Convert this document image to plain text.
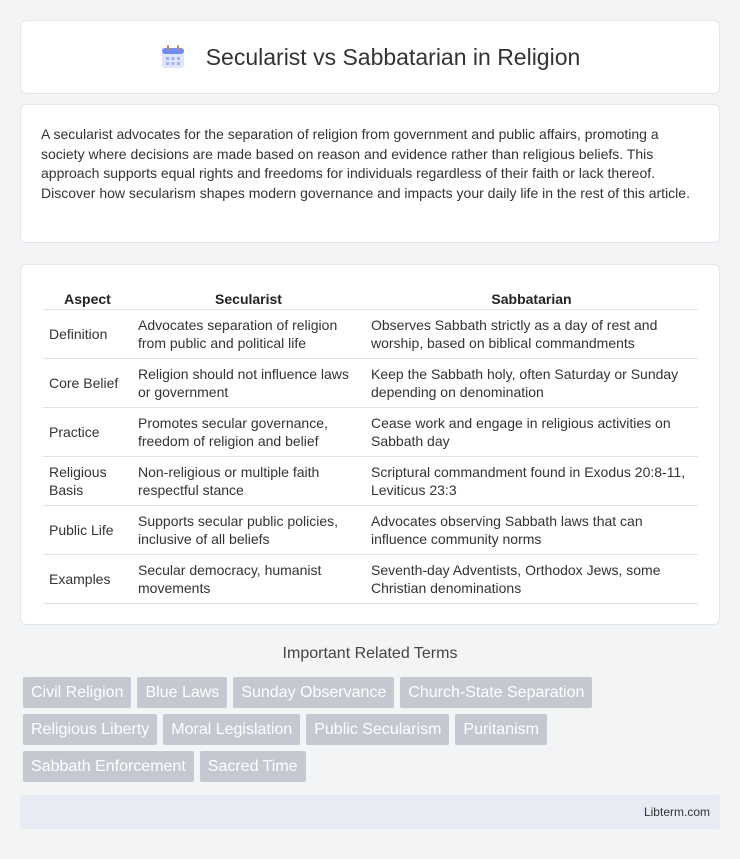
Secularist vs Sabbatarian in Religion

A secularist advocates for the separation of religion from government and public affairs, promoting a society where decisions are made based on reason and evidence rather than religious beliefs. This approach supports equal rights and freedoms for individuals regardless of their faith or lack thereof. Discover how secularism shapes modern governance and impacts your daily life in the rest of this article.

Aspect	Secularist	Sabbatarian
Definition	Advocates separation of religion from public and political life	Observes Sabbath strictly as a day of rest and worship, based on biblical commandments
Core Belief	Religion should not influence laws or government	Keep the Sabbath holy, often Saturday or Sunday depending on denomination
Practice	Promotes secular governance, freedom of religion and belief	Cease work and engage in religious activities on Sabbath day
Religious Basis	Non-religious or multiple faith respectful stance	Scriptural commandment found in Exodus 20:8-11, Leviticus 23:3
Public Life	Supports secular public policies, inclusive of all beliefs	Advocates observing Sabbath laws that can influence community norms
Examples	Secular democracy, humanist movements	Seventh-day Adventists, Orthodox Jews, some Christian denominations
Important Related Terms
Civil Religion	Blue Laws	Sunday Observance	Church-State Separation
Religious Liberty	Moral Legislation	Public Secularism	Puritanism
Sabbath Enforcement	Sacred Time
Libterm.com
